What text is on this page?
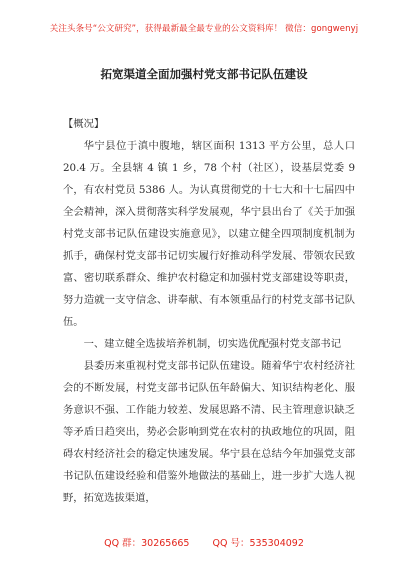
关注头条号“公文研究”，获得最新最全最专业的公文资料库！ 微信：gongwenyj
拓宽渠道全面加强村党支部书记队伍建设

【概况】

华宁县位于滇中腹地，辖区面积 1313 平方公里，总人口 20.4 万。全县辖 4 镇 1 乡，78 个村（社区），设基层党委 9 个，有农村党员 5386 人。为认真贯彻党的十七大和十七届四中全会精神，深入贯彻落实科学发展观，华宁县出台了《关于加强村党支部书记队伍建设实施意见》，以建立健全四项制度机制为抓手，确保村党支部书记切实履行好推动科学发展、带领农民致富、密切联系群众、维护农村稳定和加强村党支部建设等职责，努力造就一支守信念、讲奉献、有本领重品行的村党支部书记队伍。

一、建立健全选拔培养机制，切实选优配强村党支部书记

县委历来重视村党支部书记队伍建设。随着华宁农村经济社会的不断发展，村党支部书记队伍年龄偏大、知识结构老化、服务意识不强、工作能力较差、发展思路不清、民主管理意识缺乏等矛盾日趋突出，势必会影响到党在农村的执政地位的巩固，阻碍农村经济社会的稳定快速发展。华宁县在总结今年加强党支部书记队伍建设经验和借鉴外地做法的基础上，进一步扩大选人视野，拓宽选拔渠道，

QQ 群：30265665 QQ 号：535304092
